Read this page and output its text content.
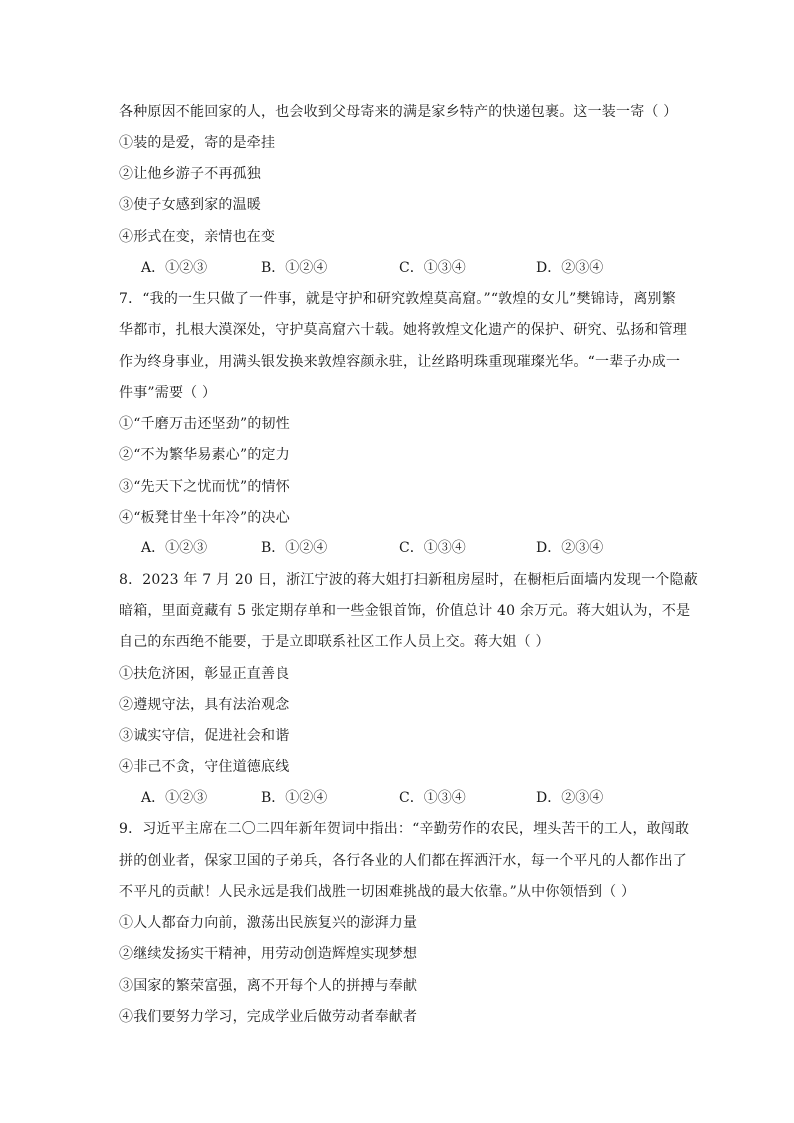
各种原因不能回家的人，也会收到父母寄来的满是家乡特产的快递包裹。这一装一寄（ ）
①装的是爱，寄的是牵挂
②让他乡游子不再孤独
③使子女感到家的温暖
④形式在变，亲情也在变
A．①②③	B．①②④	C．①③④	D．②③④
7．“我的一生只做了一件事，就是守护和研究敦煌莫高窟。”“敦煌的女儿”樊锦诗，离别繁
华都市，扎根大漠深处，守护莫高窟六十载。她将敦煌文化遗产的保护、研究、弘扬和管理
作为终身事业，用满头银发换来敦煌容颜永驻，让丝路明珠重现璀璨光华。“一辈子办成一
件事”需要（ ）
①“千磨万击还坚劲”的韧性
②“不为繁华易素心”的定力
③“先天下之忧而忧”的情怀
④“板凳甘坐十年冷”的决心
A．①②③	B．①②④	C．①③④	D．②③④
8．2023 年 7 月 20 日，浙江宁波的蒋大姐打扫新租房屋时，在橱柜后面墙内发现一个隐蔽
暗箱，里面竟藏有 5 张定期存单和一些金银首饰，价值总计 40 余万元。蒋大姐认为，不是
自己的东西绝不能要，于是立即联系社区工作人员上交。蒋大姐（ ）
①扶危济困，彰显正直善良
②遵规守法，具有法治观念
③诚实守信，促进社会和谐
④非己不贪，守住道德底线
A．①②③	B．①②④	C．①③④	D．②③④
9．习近平主席在二〇二四年新年贺词中指出：“辛勤劳作的农民，埋头苦干的工人，敢闯敢
拼的创业者，保家卫国的子弟兵，各行各业的人们都在挥洒汗水，每一个平凡的人都作出了
不平凡的贡献！人民永远是我们战胜一切困难挑战的最大依靠。”从中你领悟到（ ）
①人人都奋力向前，激荡出民族复兴的澎湃力量
②继续发扬实干精神，用劳动创造辉煌实现梦想
③国家的繁荣富强，离不开每个人的拼搏与奉献
④我们要努力学习，完成学业后做劳动者奉献者
